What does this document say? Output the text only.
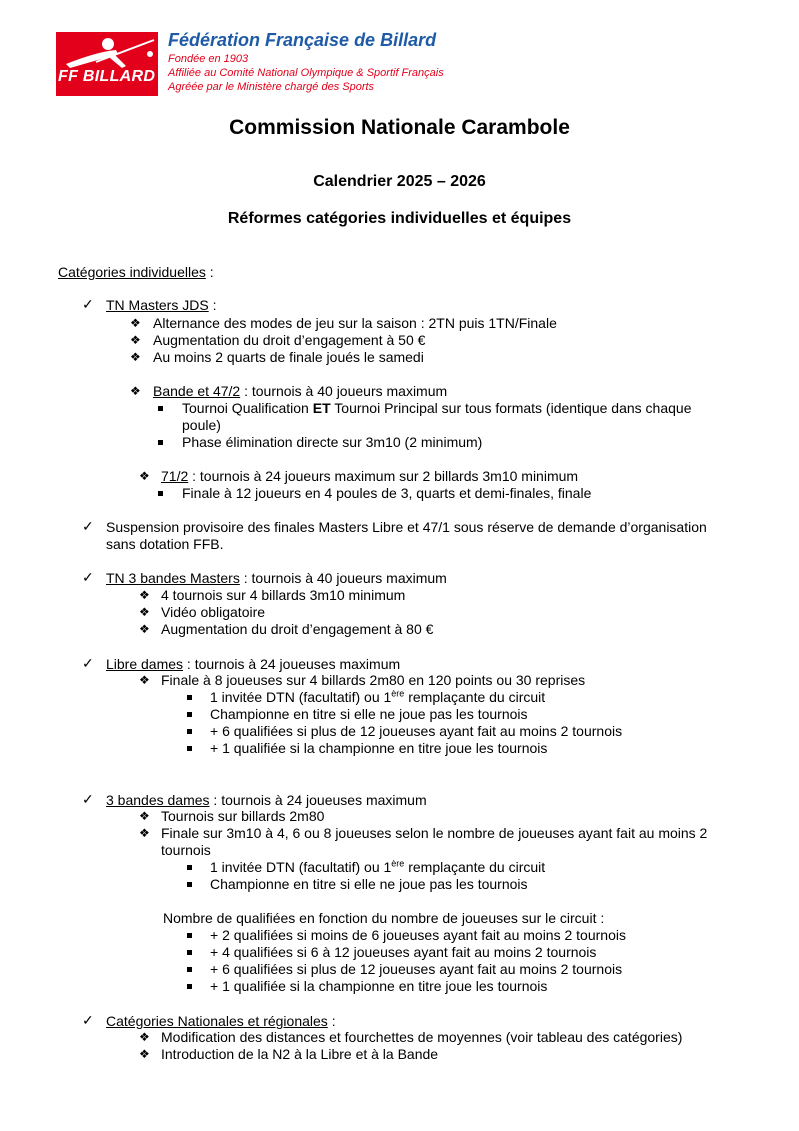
FF BILLARD
Fédération Française de Billard
Fondée en 1903
Affiliée au Comité National Olympique & Sportif Français
Agréée par le Ministère chargé des Sports
Commission Nationale Carambole
Calendrier 2025 – 2026
Réformes catégories individuelles et équipes
Catégories individuelles :
✓ TN Masters JDS :
❖ Alternance des modes de jeu sur la saison : 2TN puis 1TN/Finale
❖ Augmentation du droit d’engagement à 50 €
❖ Au moins 2 quarts de finale joués le samedi
❖ Bande et 47/2 : tournois à 40 joueurs maximum
Tournoi Qualification ET Tournoi Principal sur tous formats (identique dans chaque
poule)
Phase élimination directe sur 3m10 (2 minimum)
❖ 71/2 : tournois à 24 joueurs maximum sur 2 billards 3m10 minimum
Finale à 12 joueurs en 4 poules de 3, quarts et demi-finales, finale
✓ Suspension provisoire des finales Masters Libre et 47/1 sous réserve de demande d’organisation
sans dotation FFB.
✓ TN 3 bandes Masters : tournois à 40 joueurs maximum
❖ 4 tournois sur 4 billards 3m10 minimum
❖ Vidéo obligatoire
❖ Augmentation du droit d’engagement à 80 €
✓ Libre dames : tournois à 24 joueuses maximum
❖ Finale à 8 joueuses sur 4 billards 2m80 en 120 points ou 30 reprises
1 invitée DTN (facultatif) ou 1ère remplaçante du circuit
Championne en titre si elle ne joue pas les tournois
+ 6 qualifiées si plus de 12 joueuses ayant fait au moins 2 tournois
+ 1 qualifiée si la championne en titre joue les tournois
✓ 3 bandes dames : tournois à 24 joueuses maximum
❖ Tournois sur billards 2m80
❖ Finale sur 3m10 à 4, 6 ou 8 joueuses selon le nombre de joueuses ayant fait au moins 2
tournois
1 invitée DTN (facultatif) ou 1ère remplaçante du circuit
Championne en titre si elle ne joue pas les tournois
Nombre de qualifiées en fonction du nombre de joueuses sur le circuit :
+ 2 qualifiées si moins de 6 joueuses ayant fait au moins 2 tournois
+ 4 qualifiées si 6 à 12 joueuses ayant fait au moins 2 tournois
+ 6 qualifiées si plus de 12 joueuses ayant fait au moins 2 tournois
+ 1 qualifiée si la championne en titre joue les tournois
✓ Catégories Nationales et régionales :
❖ Modification des distances et fourchettes de moyennes (voir tableau des catégories)
❖ Introduction de la N2 à la Libre et à la Bande
